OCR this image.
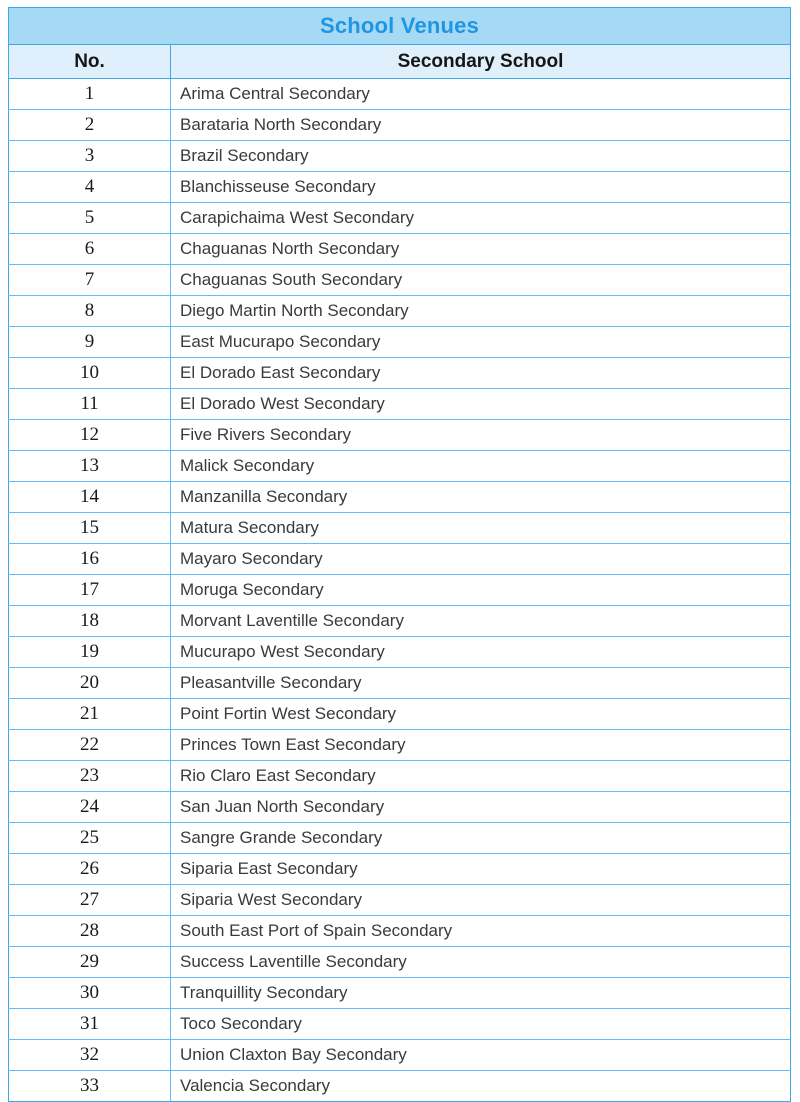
School Venues	

No.	Secondary School
1	Arima Central Secondary
2	Barataria North Secondary
3	Brazil Secondary
4	Blanchisseuse Secondary
5	Carapichaima West Secondary
6	Chaguanas North Secondary
7	Chaguanas South Secondary
8	Diego Martin North Secondary
9	East Mucurapo Secondary
10	El Dorado East Secondary
11	El Dorado West Secondary
12	Five Rivers Secondary
13	Malick Secondary
14	Manzanilla Secondary
15	Matura Secondary
16	Mayaro Secondary
17	Moruga Secondary
18	Morvant Laventille Secondary
19	Mucurapo West Secondary
20	Pleasantville Secondary
21	Point Fortin West Secondary
22	Princes Town East Secondary
23	Rio Claro East Secondary
24	San Juan North Secondary
25	Sangre Grande Secondary
26	Siparia East Secondary
27	Siparia West Secondary
28	South East Port of Spain Secondary
29	Success Laventille Secondary
30	Tranquillity Secondary
31	Toco Secondary
32	Union Claxton Bay Secondary
33	Valencia Secondary
